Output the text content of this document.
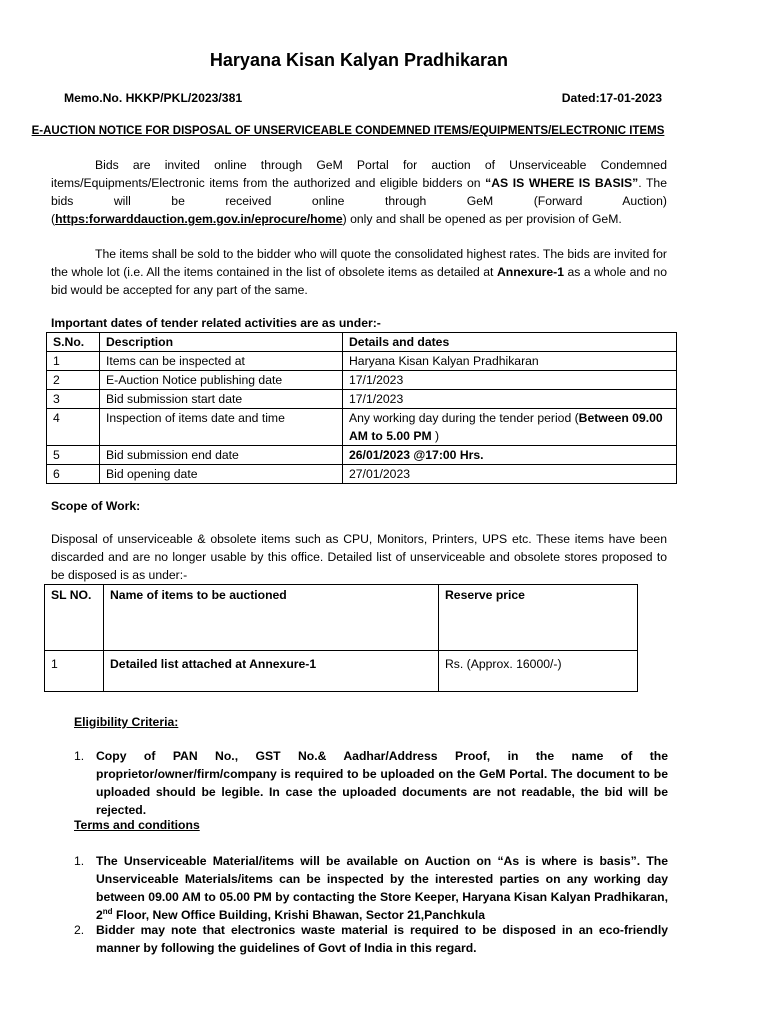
Haryana Kisan Kalyan Pradhikaran
Memo.No. HKKP/PKL/2023/381	Dated:17-01-2023
E-AUCTION NOTICE FOR DISPOSAL OF UNSERVICEABLE CONDEMNED ITEMS/EQUIPMENTS/ELECTRONIC ITEMS
Bids are invited online through GeM Portal for auction of Unserviceable Condemned items/Equipments/Electronic items from the authorized and eligible bidders on “AS IS WHERE IS BASIS”. The bids will be received online through GeM (Forward Auction) (https:forwarddauction.gem.gov.in/eprocure/home) only and shall be opened as per provision of GeM.
The items shall be sold to the bidder who will quote the consolidated highest rates. The bids are invited for the whole lot (i.e. All the items contained in the list of obsolete items as detailed at Annexure-1 as a whole and no bid would be accepted for any part of the same.
Important dates of tender related activities are as under:-
S.No.	Description	Details and dates
1	Items can be inspected at	Haryana Kisan Kalyan Pradhikaran
2	E-Auction Notice publishing date	17/1/2023
3	Bid submission start date	17/1/2023
4	Inspection of items date and time	Any working day during the tender period (Between 09.00 AM to 5.00 PM )
5	Bid submission end date	26/01/2023 @17:00 Hrs.
6	Bid opening date	27/01/2023
Scope of Work:
Disposal of unserviceable & obsolete items such as CPU, Monitors, Printers, UPS etc. These items have been discarded and are no longer usable by this office. Detailed list of unserviceable and obsolete stores proposed to be disposed is as under:-
SL NO.	Name of items to be auctioned	Reserve price
1	Detailed list attached at Annexure-1	Rs. (Approx. 16000/-)
Eligibility Criteria:
1. Copy of PAN No., GST No.& Aadhar/Address Proof, in the name of the proprietor/owner/firm/company is required to be uploaded on the GeM Portal. The document to be uploaded should be legible. In case the uploaded documents are not readable, the bid will be rejected.
Terms and conditions
1. The Unserviceable Material/items will be available on Auction on “As is where is basis”. The Unserviceable Materials/items can be inspected by the interested parties on any working day between 09.00 AM to 05.00 PM by contacting the Store Keeper, Haryana Kisan Kalyan Pradhikaran, 2nd Floor, New Office Building, Krishi Bhawan, Sector 21,Panchkula
2. Bidder may note that electronics waste material is required to be disposed in an eco-friendly manner by following the guidelines of Govt of India in this regard.
